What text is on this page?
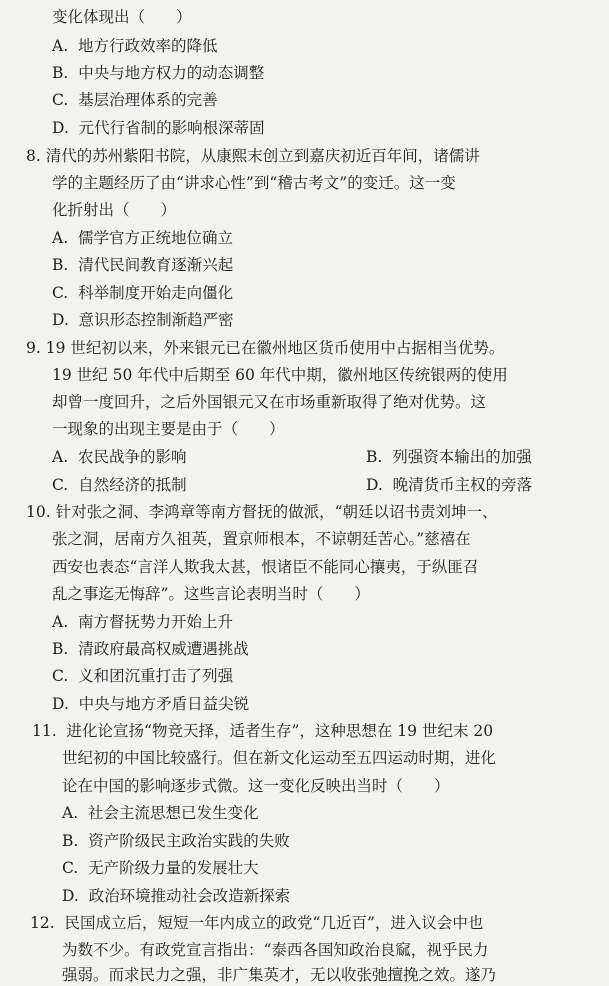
变化体现出（　　）
A. 地方行政效率的降低
B. 中央与地方权力的动态调整
C. 基层治理体系的完善
D. 元代行省制的影响根深蒂固
8. 清代的苏州紫阳书院，从康熙末创立到嘉庆初近百年间，诸儒讲
学的主题经历了由“讲求心性”到“稽古考文”的变迁。这一变
化折射出（　　）
A. 儒学官方正统地位确立
B. 清代民间教育逐渐兴起
C. 科举制度开始走向僵化
D. 意识形态控制渐趋严密
9. 19 世纪初以来，外来银元已在徽州地区货币使用中占据相当优势。
19 世纪 50 年代中后期至 60 年代中期，徽州地区传统银两的使用
却曾一度回升，之后外国银元又在市场重新取得了绝对优势。这
一现象的出现主要是由于（　　）
A. 农民战争的影响	B. 列强资本输出的加强
C. 自然经济的抵制	D. 晚清货币主权的旁落
10. 针对张之洞、李鸿章等南方督抚的做派，“朝廷以诏书责刘坤一、
张之洞，居南方久祖英，置京师根本，不谅朝廷苦心。”慈禧在
西安也表态“言洋人欺我太甚，恨诸臣不能同心攘夷，于纵匪召
乱之事迄无悔辞”。这些言论表明当时（　　）
A. 南方督抚势力开始上升
B. 清政府最高权威遭遇挑战
C. 义和团沉重打击了列强
D. 中央与地方矛盾日益尖锐
11. 进化论宣扬“物竞天择，适者生存”，这种思想在 19 世纪末 20
世纪初的中国比较盛行。但在新文化运动至五四运动时期，进化
论在中国的影响逐步式微。这一变化反映出当时（　　）
A. 社会主流思想已发生变化
B. 资产阶级民主政治实践的失败
C. 无产阶级力量的发展壮大
D. 政治环境推动社会改造新探索
12. 民国成立后，短短一年内成立的政党“几近百”，进入议会中也
为数不少。有政党宣言指出：“泰西各国知政治良窳，视乎民力
强弱。而求民力之强，非广集英才，无以收张弛擅挽之效。遂乃
